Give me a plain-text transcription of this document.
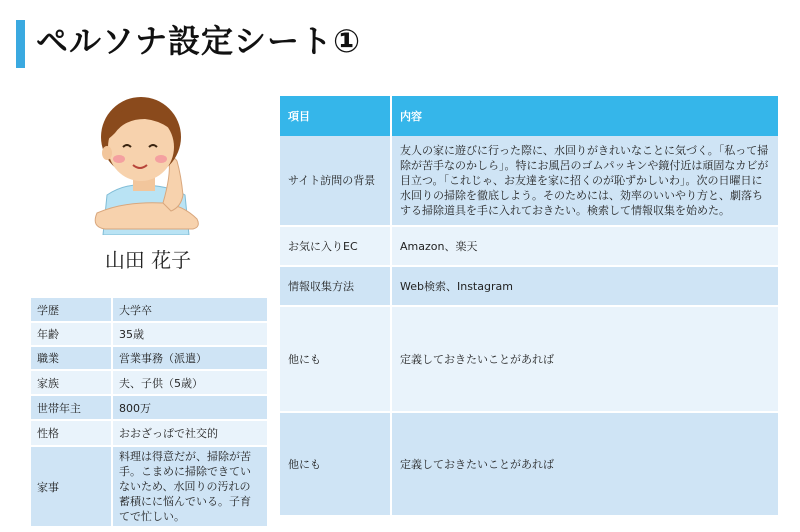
ペルソナ設定シート①
山田 花子
学歴	大学卒
年齢	35歳
職業	営業事務（派遣）
家族	夫、子供（5歳）
世帯年主	800万
性格	おおざっぱで社交的
家事	料理は得意だが、掃除が苦手。こまめに掃除できていないため、水回りの汚れの蓄積にに悩んでいる。子育てで忙しい。
項目	内容
サイト訪問の背景	友人の家に遊びに行った際に、水回りがきれいなことに気づく。「私って掃除が苦手なのかしら」。特にお風呂のゴムパッキンや鏡付近は頑固なカビが目立つ。「これじゃ、お友達を家に招くのが恥ずかしいわ」。次の日曜日に水回りの掃除を徹底しよう。そのためには、効率のいいやり方と、劇落ちする掃除道具を手に入れておきたい。検索して情報収集を始めた。
お気に入りEC	Amazon、楽天
情報収集方法	Web検索、Instagram
他にも	定義しておきたいことがあれば
他にも	定義しておきたいことがあれば
